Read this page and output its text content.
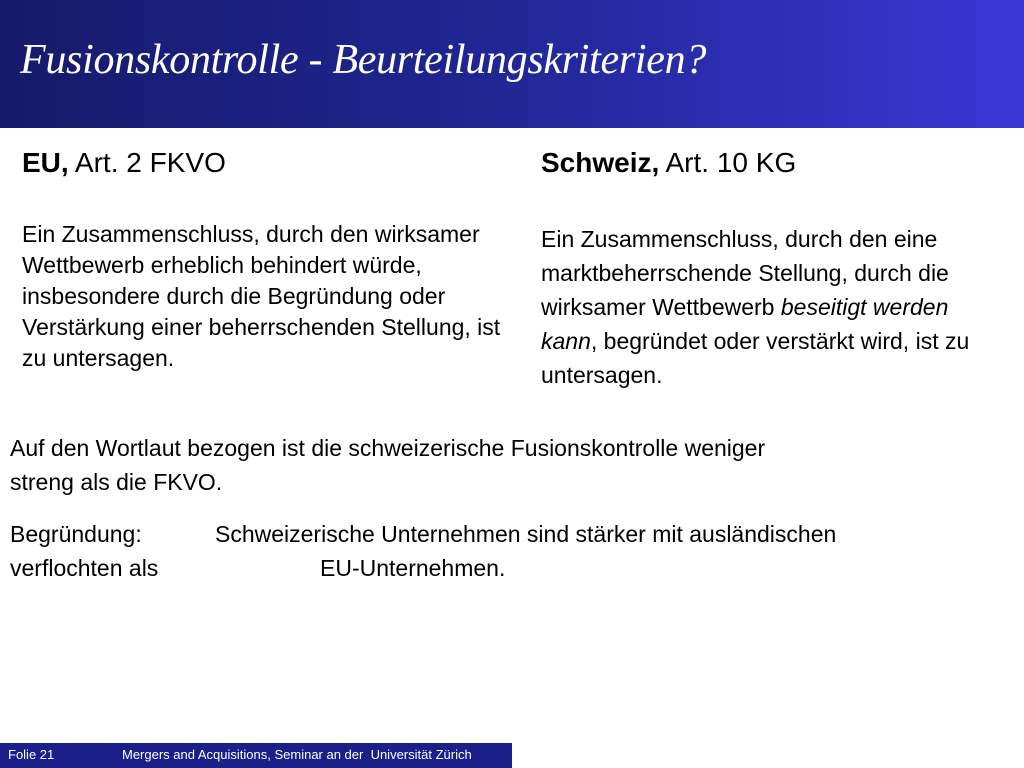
Fusionskontrolle - Beurteilungskriterien?
EU, Art. 2 FKVO

Ein Zusammenschluss, durch den wirksamer Wettbewerb erheblich behindert würde, insbesondere durch die Begründung oder Verstärkung einer beherrschenden Stellung, ist zu untersagen.

Schweiz, Art. 10 KG

Ein Zusammenschluss, durch den eine marktbeherrschende Stellung, durch die wirksamer Wettbewerb beseitigt werden kann, begründet oder verstärkt wird, ist zu untersagen.

Auf den Wortlaut bezogen ist die schweizerische Fusionskontrolle weniger
streng als die FKVO.

Begründung:	Schweizerische Unternehmen sind stärker mit ausländischen
verflochten als	EU-Unternehmen.

Folie 21	Mergers and Acquisitions, Seminar an der  Universität Zürich
